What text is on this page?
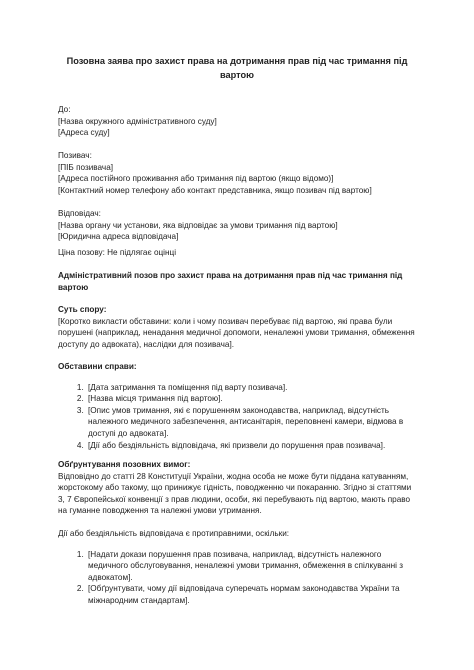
Позовна заява про захист права на дотримання прав під час тримання під вартою

До:

[Назва окружного адміністративного суду]

[Адреса суду]

Позивач:

[ПІБ позивача]

[Адреса постійного проживання або тримання під вартою (якщо відомо)]

[Контактний номер телефону або контакт представника, якщо позивач під вартою]

Відповідач:

[Назва органу чи установи, яка відповідає за умови тримання під вартою]

[Юридична адреса відповідача]

Ціна позову: Не підлягає оцінці
Адміністративний позов про захист права на дотримання прав під час тримання під вартою

Суть спору:

[Коротко викласти обставини: коли і чому позивач перебуває під вартою, які права були порушені (наприклад, ненадання медичної допомоги, неналежні умови тримання, обмеження доступу до адвоката), наслідки для позивача].

Обставини справи:

1. [Дата затримання та поміщення під варту позивача].
2. [Назва місця тримання під вартою].
3. [Опис умов тримання, які є порушенням законодавства, наприклад, відсутність належного медичного забезпечення, антисанітарія, переповнені камери, відмова в доступі до адвоката].
4. [Дії або бездіяльність відповідача, які призвели до порушення прав позивача].

Обґрунтування позовних вимог:

Відповідно до статті 28 Конституції України, жодна особа не може бути піддана катуванням, жорстокому або такому, що принижує гідність, поводженню чи покаранню. Згідно зі статтями 3, 7 Європейської конвенції з прав людини, особи, які перебувають під вартою, мають право на гуманне поводження та належні умови утримання.

Дії або бездіяльність відповідача є протиправними, оскільки:

1. [Надати докази порушення прав позивача, наприклад, відсутність належного медичного обслуговування, неналежні умови тримання, обмеження в спілкуванні з адвокатом].
2. [Обґрунтувати, чому дії відповідача суперечать нормам законодавства України та міжнародним стандартам].
